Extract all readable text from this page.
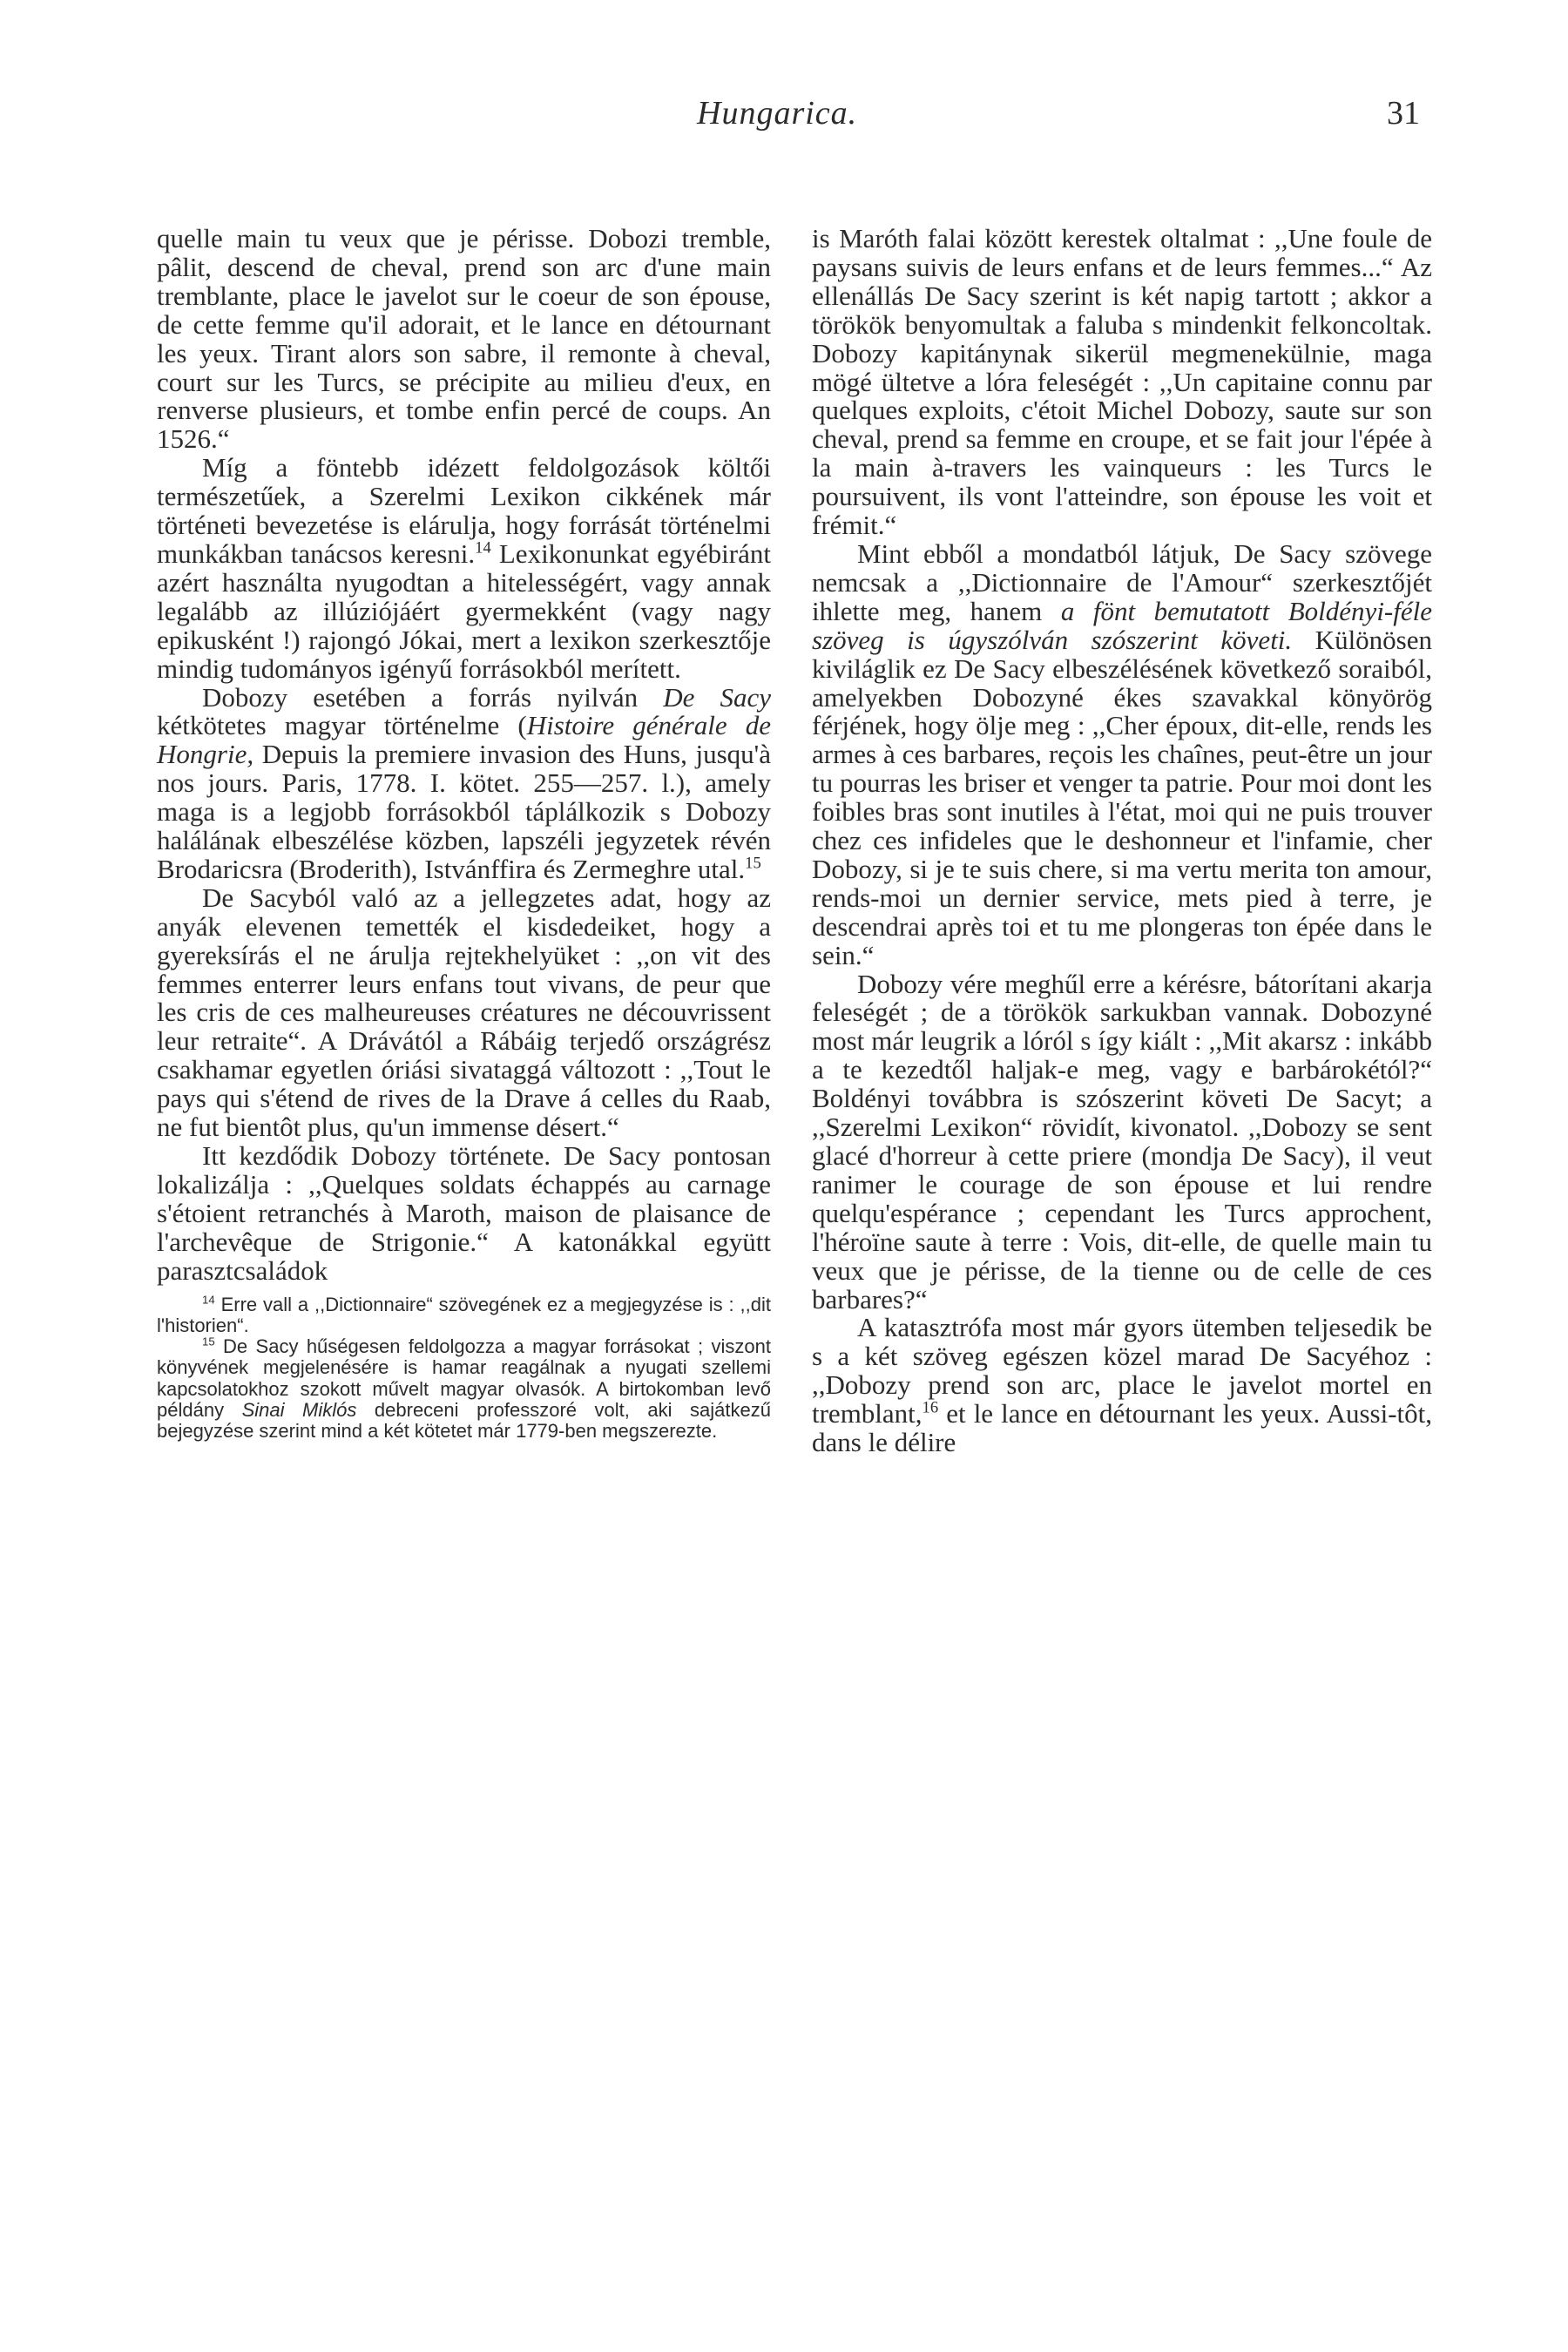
Hungarica.	31

quelle main tu veux que je périsse. Dobozi tremble, pâlit, descend de cheval, prend son arc d'une main tremblante, place le javelot sur le coeur de son épouse, de cette femme qu'il adorait, et le lance en détournant les yeux. Tirant alors son sabre, il remonte à cheval, court sur les Turcs, se précipite au milieu d'eux, en renverse plusieurs, et tombe enfin percé de coups. An 1526.“

Míg a föntebb idézett feldolgozások költői természetűek, a Szerelmi Lexikon cikkének már történeti bevezetése is elárulja, hogy forrását történelmi munkákban tanácsos keresni.$^{14}$ Lexikonunkat egyébiránt azért használta nyugodtan a hitelességért, vagy annak legalább az illúziójáért gyermekként (vagy nagy epikusként !) rajongó Jókai, mert a lexikon szerkesztője mindig tudományos igényű forrásokból merített.

Dobozy esetében a forrás nyilván De Sacy kétkötetes magyar történelme (Histoire générale de Hongrie, Depuis la premiere invasion des Huns, jusqu'à nos jours. Paris, 1778. I. kötet. 255—257. l.), amely maga is a legjobb forrásokból táplálkozik s Dobozy halálának elbeszélése közben, lapszéli jegyzetek révén Brodaricsra (Broderith), Istvánffira és Zermeghre utal.$^{15}$

De Sacyból való az a jellegzetes adat, hogy az anyák elevenen temették el kisdedeiket, hogy a gyereksírás el ne árulja rejtekhelyüket : ,,on vit des femmes enterrer leurs enfans tout vivans, de peur que les cris de ces malheureuses créatures ne découvrissent leur retraite“. A Drávától a Rábáig terjedő országrész csakhamar egyetlen óriási sivataggá változott : ,,Tout le pays qui s'étend de rives de la Drave á celles du Raab, ne fut bientôt plus, qu'un immense désert.“

Itt kezdődik Dobozy története. De Sacy pontosan lokalizálja : ,,Quelques soldats échappés au carnage s'étoient retranchés à Maroth, maison de plaisance de l'archevêque de Strigonie.“ A katonákkal együtt parasztcsaládok

$^{14}$ Erre vall a ,,Dictionnaire“ szövegének ez a megjegyzése is : ,,dit l'historien“.

$^{15}$ De Sacy hűségesen feldolgozza a magyar forrásokat ; viszont könyvének megjelenésére is hamar reagálnak a nyugati szellemi kapcsolatokhoz szokott művelt magyar olvasók. A birtokomban levő példány Sinai Miklós debreceni professzoré volt, aki sajátkezű bejegyzése szerint mind a két kötetet már 1779-ben megszerezte.

is Maróth falai között kerestek oltalmat : ,,Une foule de paysans suivis de leurs enfans et de leurs femmes...“ Az ellenállás De Sacy szerint is két napig tartott ; akkor a törökök benyomultak a faluba s mindenkit felkoncoltak. Dobozy kapitánynak sikerül megmenekülnie, maga mögé ültetve a lóra feleségét : ,,Un capitaine connu par quelques exploits, c'étoit Michel Dobozy, saute sur son cheval, prend sa femme en croupe, et se fait jour l'épée à la main à-travers les vainqueurs : les Turcs le poursuivent, ils vont l'atteindre, son épouse les voit et frémit.“

Mint ebből a mondatból látjuk, De Sacy szövege nemcsak a ,,Dictionnaire de l'Amour“ szerkesztőjét ihlette meg, hanem a fönt bemutatott Boldényi-féle szöveg is úgyszólván szószerint követi. Különösen kiviláglik ez De Sacy elbeszélésének következő soraiból, amelyekben Dobozyné ékes szavakkal könyörög férjének, hogy ölje meg : ,,Cher époux, dit-elle, rends les armes à ces barbares, reçois les chaînes, peut-être un jour tu pourras les briser et venger ta patrie. Pour moi dont les foibles bras sont inutiles à l'état, moi qui ne puis trouver chez ces infideles que le deshonneur et l'infamie, cher Dobozy, si je te suis chere, si ma vertu merita ton amour, rends-moi un dernier service, mets pied à terre, je descendrai après toi et tu me plongeras ton épée dans le sein.“

Dobozy vére meghűl erre a kérésre, bátorítani akarja feleségét ; de a törökök sarkukban vannak. Dobozyné most már leugrik a lóról s így kiált : ,,Mit akarsz : inkább a te kezedtől haljak-e meg, vagy e barbárokétól?“ Boldényi továbbra is szószerint követi De Sacyt; a ,,Szerelmi Lexikon“ rövidít, kivonatol. ,,Dobozy se sent glacé d'horreur à cette priere (mondja De Sacy), il veut ranimer le courage de son épouse et lui rendre quelqu'espérance ; cependant les Turcs approchent, l'héroïne saute à terre : Vois, dit-elle, de quelle main tu veux que je périsse, de la tienne ou de celle de ces barbares?“

A katasztrófa most már gyors ütemben teljesedik be s a két szöveg egészen közel marad De Sacyéhoz : ,,Dobozy prend son arc, place le javelot mortel en tremblant,$^{16}$ et le lance en détournant les yeux. Aussi-tôt, dans le délire
